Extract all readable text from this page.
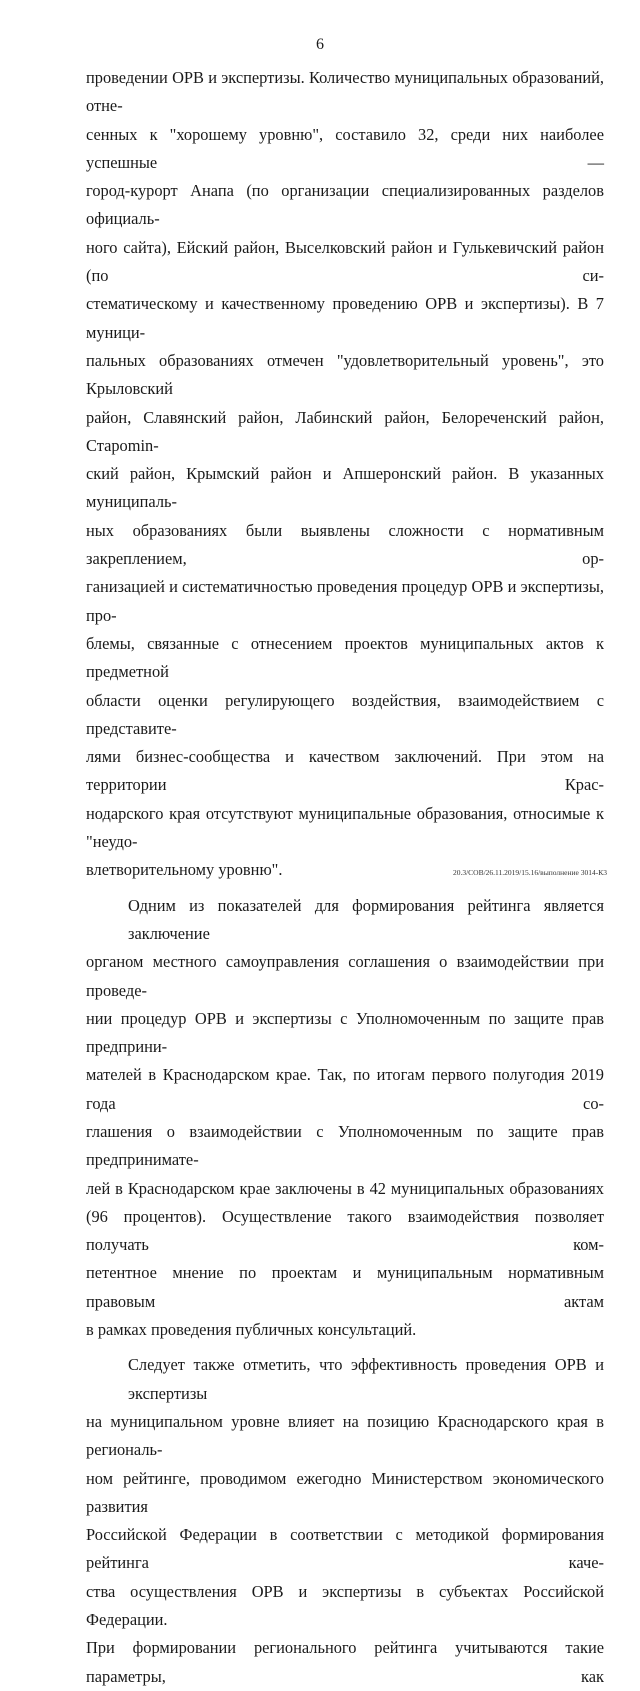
6
проведении ОРВ и экспертизы. Количество муниципальных образований, отне-
сенных к "хорошему уровню", составило 32, среди них наиболее успешные —
город-курорт Анапа (по организации специализированных разделов официаль-
ного сайта), Ейский район, Выселковский район и Гулькевичский район (по си-
стематическому и качественному проведению ОРВ и экспертизы). В 7 муници-
пальных образованиях отмечен "удовлетворительный уровень", это Крыловский
район, Славянский район, Лабинский район, Белореченский район, Староmin-
ский район, Крымский район и Апшеронский район. В указанных муниципаль-
ных образованиях были выявлены сложности с нормативным закреплением, ор-
ганизацией и систематичностью проведения процедур ОРВ и экспертизы, про-
блемы, связанные с отнесением проектов муниципальных актов к предметной
области оценки регулирующего воздействия, взаимодействием с представите-
лями бизнес-сообщества и качеством заключений. При этом на территории Крас-
нодарского края отсутствуют муниципальные образования, относимые к "неудо-
влетворительному уровню".
Одним из показателей для формирования рейтинга является заключение
органом местного самоуправления соглашения о взаимодействии при проведе-
нии процедур ОРВ и экспертизы с Уполномоченным по защите прав предприни-
мателей в Краснодарском крае. Так, по итогам первого полугодия 2019 года со-
глашения о взаимодействии с Уполномоченным по защите прав предпринимате-
лей в Краснодарском крае заключены в 42 муниципальных образованиях
(96 процентов). Осуществление такого взаимодействия позволяет получать ком-
петентное мнение по проектам и муниципальным нормативным правовым актам
в рамках проведения публичных консультаций.
Следует также отметить, что эффективность проведения ОРВ и экспертизы
на муниципальном уровне влияет на позицию Краснодарского края в региональ-
ном рейтинге, проводимом ежегодно Министерством экономического развития
Российской Федерации в соответствии с методикой формирования рейтинга каче-
ства осуществления ОРВ и экспертизы в субъектах Российской Федерации.
При формировании регионального рейтинга учитываются такие параметры, как
20.3/СОВ/26.11.2019/15.16/выполнение 3014-К3
